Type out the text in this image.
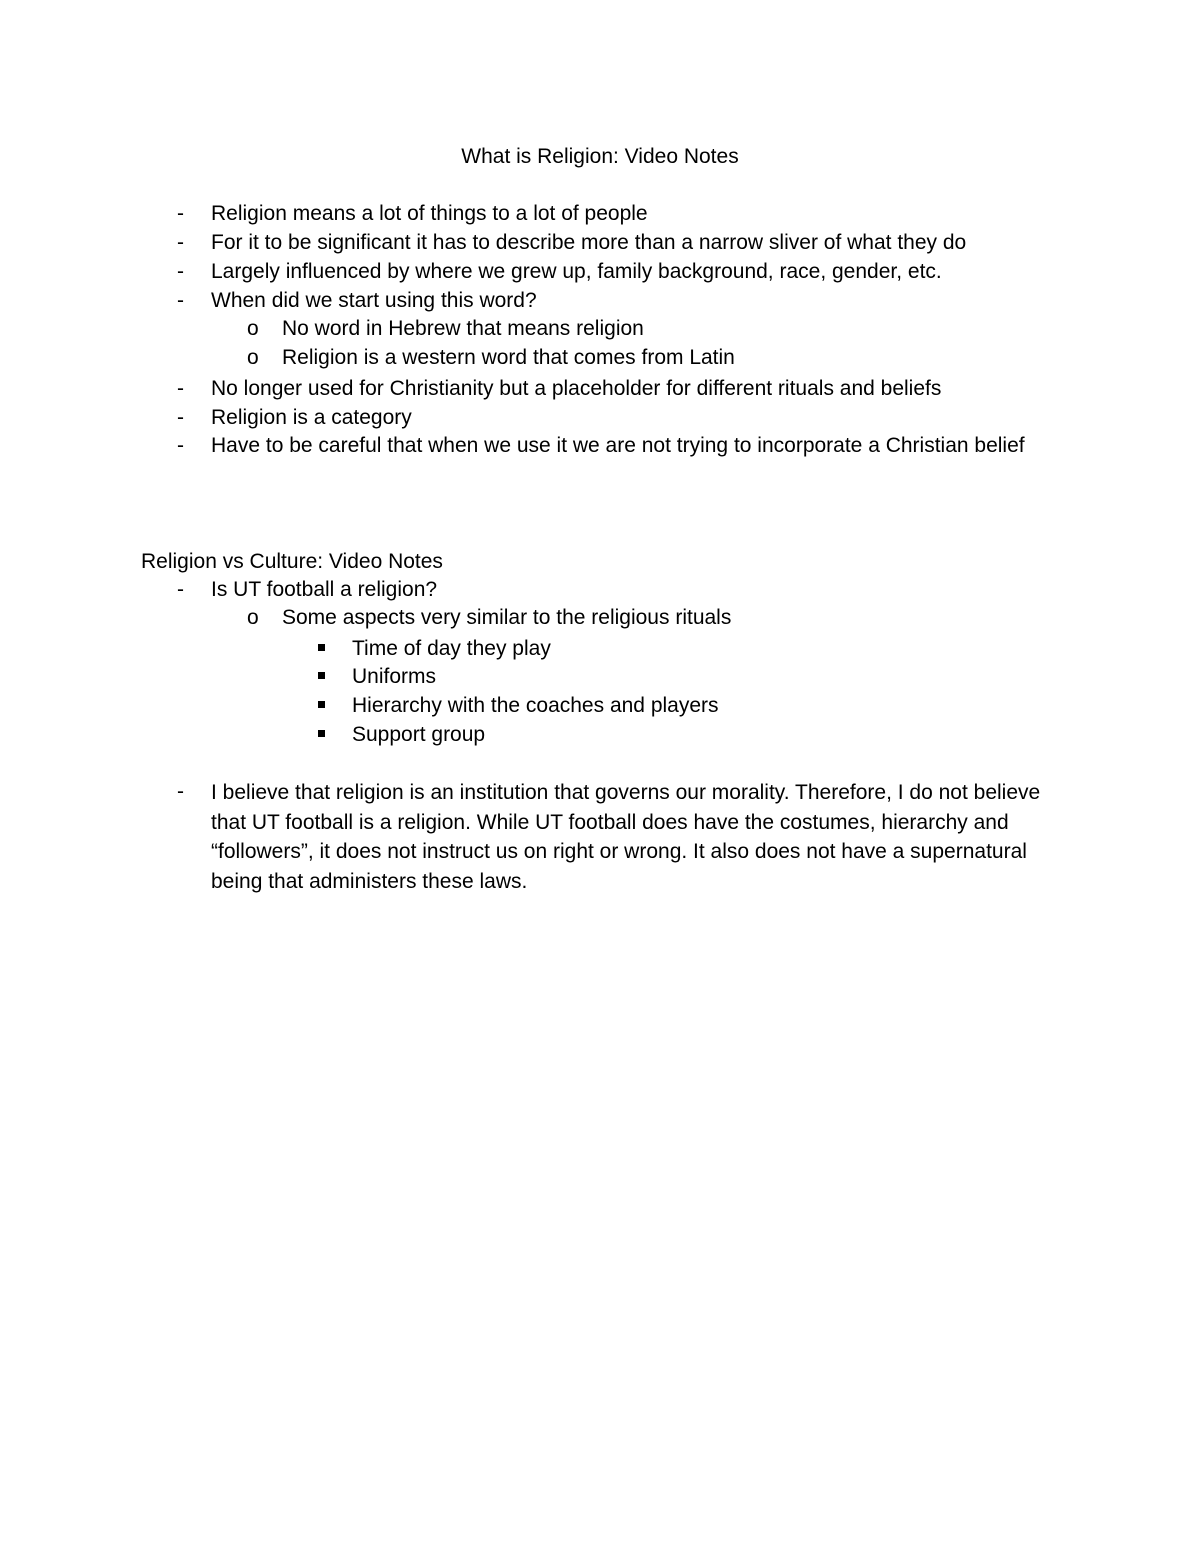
What is Religion: Video Notes
- Religion means a lot of things to a lot of people
- For it to be significant it has to describe more than a narrow sliver of what they do
- Largely influenced by where we grew up, family background, race, gender, etc.
- When did we start using this word?
o No word in Hebrew that means religion
o Religion is a western word that comes from Latin
- No longer used for Christianity but a placeholder for different rituals and beliefs
- Religion is a category
- Have to be careful that when we use it we are not trying to incorporate a Christian belief
Religion vs Culture: Video Notes
- Is UT football a religion?
o Some aspects very similar to the religious rituals
Time of day they play
Uniforms
Hierarchy with the coaches and players
Support group
- I believe that religion is an institution that governs our morality. Therefore, I do not believe that UT football is a religion. While UT football does have the costumes, hierarchy and “followers”, it does not instruct us on right or wrong. It also does not have a supernatural being that administers these laws.
